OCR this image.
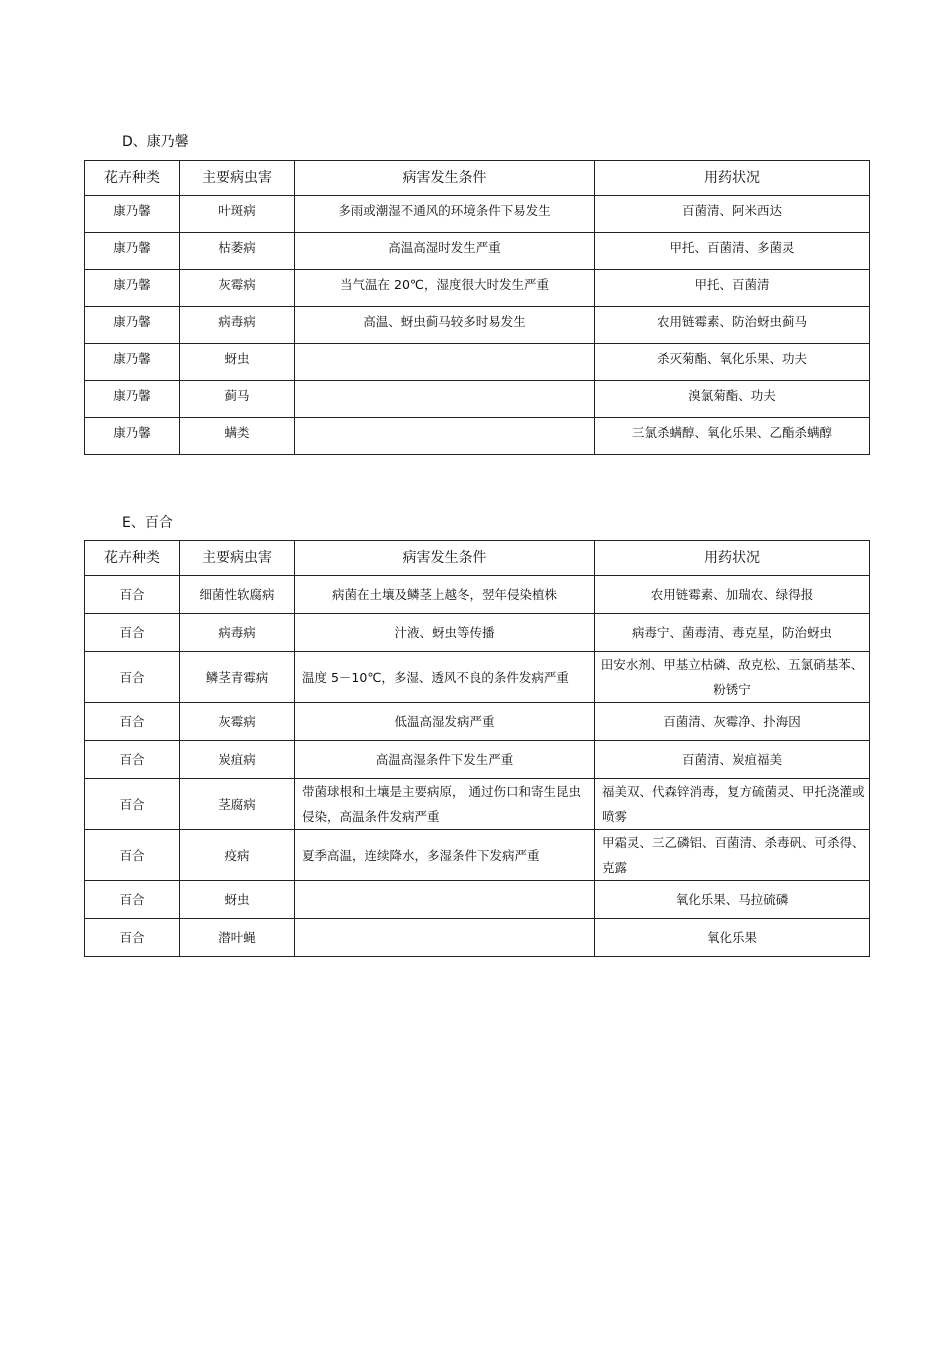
D、康乃馨
花卉种类	主要病虫害	病害发生条件	用药状况
康乃馨	叶斑病	多雨或潮湿不通风的环境条件下易发生	百菌清、阿米西达
康乃馨	枯萎病	高温高湿时发生严重	甲托、百菌清、多菌灵
康乃馨	灰霉病	当气温在 20℃，湿度很大时发生严重	甲托、百菌清
康乃馨	病毒病	高温、蚜虫蓟马较多时易发生	农用链霉素、防治蚜虫蓟马
康乃馨	蚜虫		杀灭菊酯、氧化乐果、功夫
康乃馨	蓟马		溴氯菊酯、功夫
康乃馨	螨类		三氯杀螨醇、氧化乐果、乙酯杀螨醇
E、百合
花卉种类	主要病虫害	病害发生条件	用药状况
百合	细菌性软腐病	病菌在土壤及鳞茎上越冬，翌年侵染植株	农用链霉素、加瑞农、绿得报
百合	病毒病	汁液、蚜虫等传播	病毒宁、菌毒清、毒克星，防治蚜虫
百合	鳞茎青霉病	温度 5－10℃，多湿、透风不良的条件发病严重	田安水剂、甲基立枯磷、敌克松、五氯硝基苯、粉锈宁
百合	灰霉病	低温高湿发病严重	百菌清、灰霉净、扑海因
百合	炭疽病	高温高湿条件下发生严重	百菌清、炭疽福美
百合	茎腐病	带菌球根和土壤是主要病原， 通过伤口和寄生昆虫侵染，高温条件发病严重	福美双、代森锌消毒，复方硫菌灵、甲托浇灌或喷雾
百合	疫病	夏季高温，连续降水，多湿条件下发病严重	甲霜灵、三乙磷铝、百菌清、杀毒矾、可杀得、克露
百合	蚜虫		氧化乐果、马拉硫磷
百合	潜叶蝇		氧化乐果
